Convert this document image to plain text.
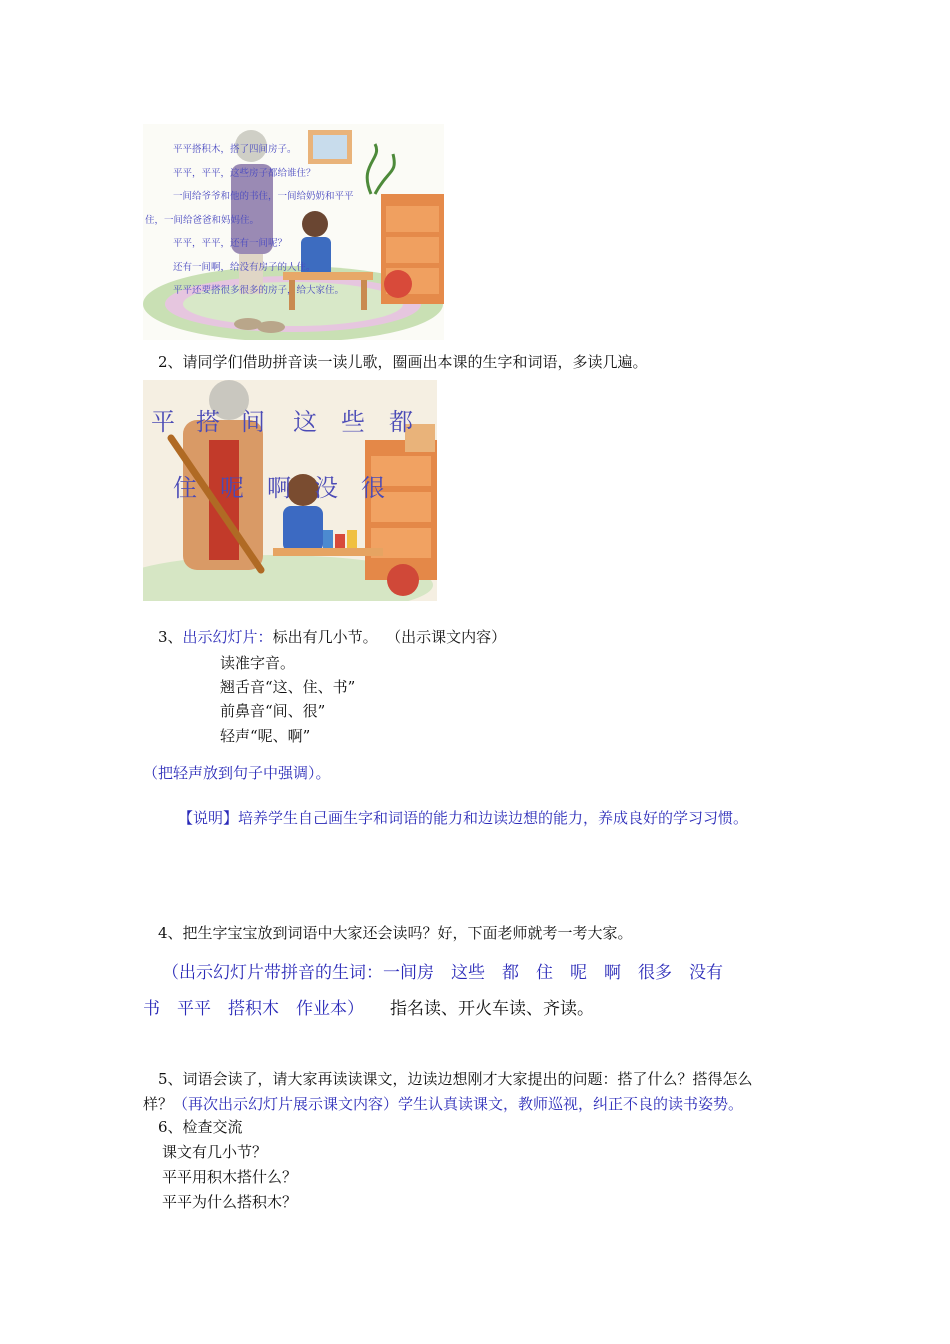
平平搭积木，搭了四间房子。
平平，平平，这些房子都给谁住？
一间给爷爷和他的书住，一间给奶奶和平平
住，一间给爸爸和妈妈住。
平平，平平，还有一间呢？
还有一间啊，给没有房子的人住。
平平还要搭很多很多的房子，给大家住。
2、请同学们借助拼音读一读儿歌，圈画出本课的生字和词语，多读几遍。
平 搭 间 这 些 都
住 呢 啊 没 很
3、出示幻灯片：标出有几小节。 （出示课文内容）
读准字音。
翘舌音“这、住、书”
前鼻音“间、很”
轻声“呢、啊”
（把轻声放到句子中强调）。
【说明】培养学生自己画生字和词语的能力和边读边想的能力，养成良好的学习习惯。
4、把生字宝宝放到词语中大家还会读吗？好，下面老师就考一考大家。
（出示幻灯片带拼音的生词：一间房　这些　都　住　呢　啊　很多　没有
书　平平　搭积木　作业本） 指名读、开火车读、齐读。
5、词语会读了，请大家再读读课文，边读边想刚才大家提出的问题：搭了什么？搭得怎么
样？（再次出示幻灯片展示课文内容）学生认真读课文，教师巡视，纠正不良的读书姿势。
6、检查交流
课文有几小节？
平平用积木搭什么？
平平为什么搭积木？
